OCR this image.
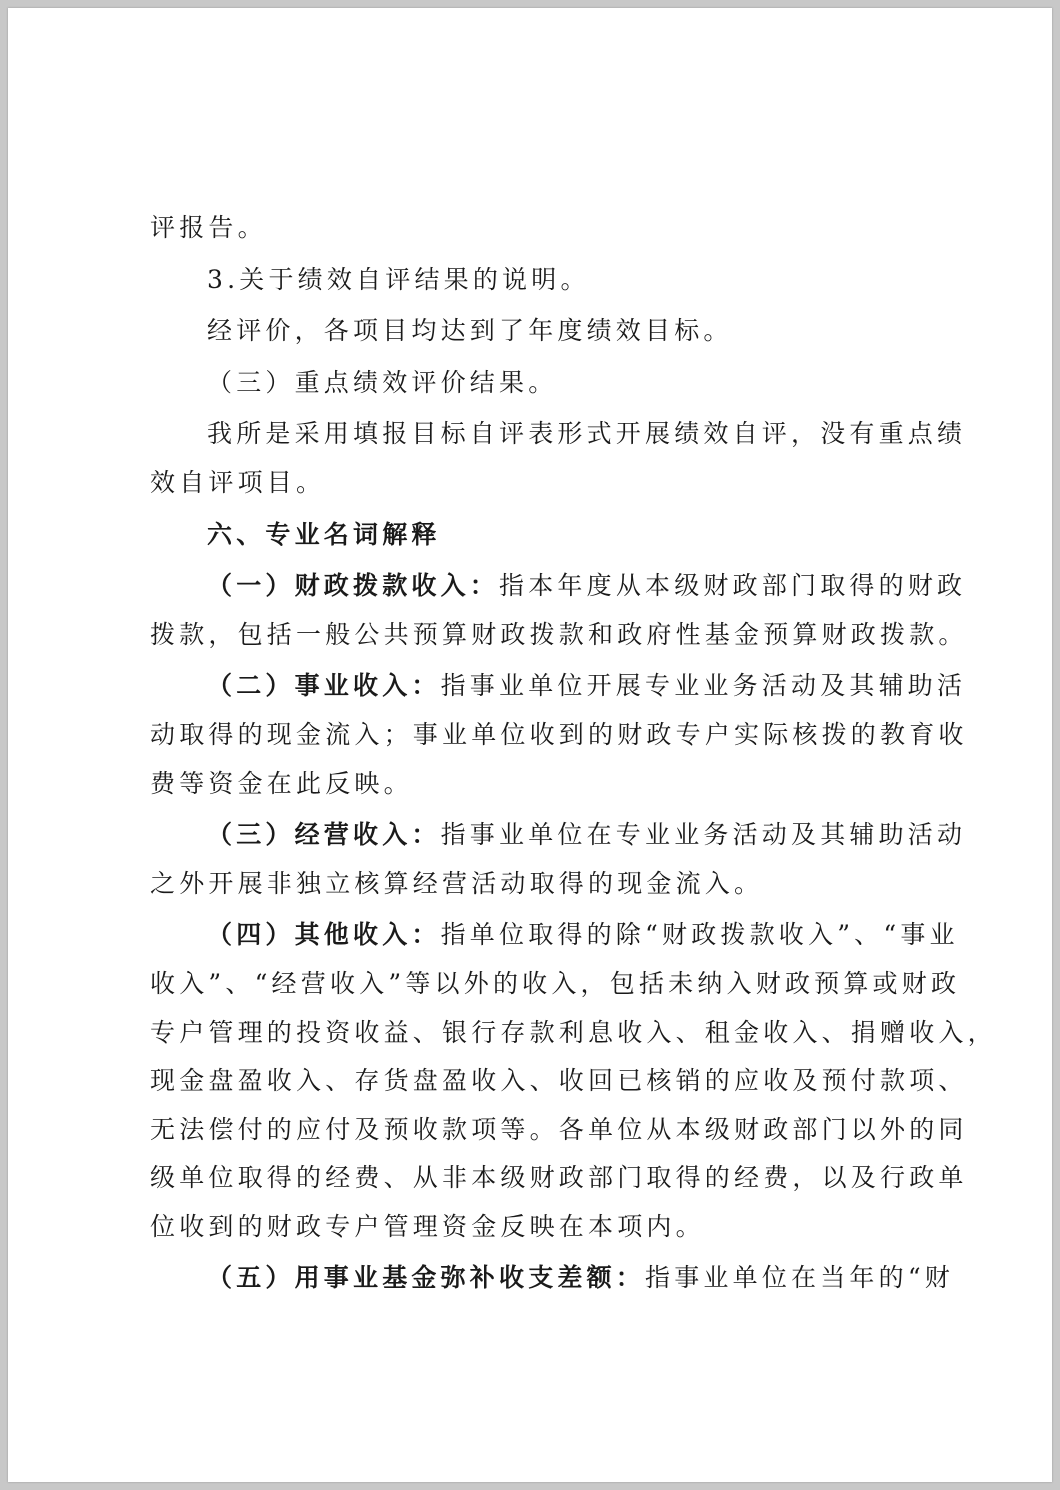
评报告。
3.关于绩效自评结果的说明。
经评价，各项目均达到了年度绩效目标。
（三）重点绩效评价结果。
我所是采用填报目标自评表形式开展绩效自评，没有重点绩
效自评项目。
六、专业名词解释
（一）财政拨款收入：指本年度从本级财政部门取得的财政
拨款，包括一般公共预算财政拨款和政府性基金预算财政拨款。
（二）事业收入：指事业单位开展专业业务活动及其辅助活
动取得的现金流入；事业单位收到的财政专户实际核拨的教育收
费等资金在此反映。
（三）经营收入：指事业单位在专业业务活动及其辅助活动
之外开展非独立核算经营活动取得的现金流入。
（四）其他收入：指单位取得的除“财政拨款收入”、“事业
收入”、“经营收入”等以外的收入，包括未纳入财政预算或财政
专户管理的投资收益、银行存款利息收入、租金收入、捐赠收入，
现金盘盈收入、存货盘盈收入、收回已核销的应收及预付款项、
无法偿付的应付及预收款项等。各单位从本级财政部门以外的同
级单位取得的经费、从非本级财政部门取得的经费，以及行政单
位收到的财政专户管理资金反映在本项内。
（五）用事业基金弥补收支差额：指事业单位在当年的“财
